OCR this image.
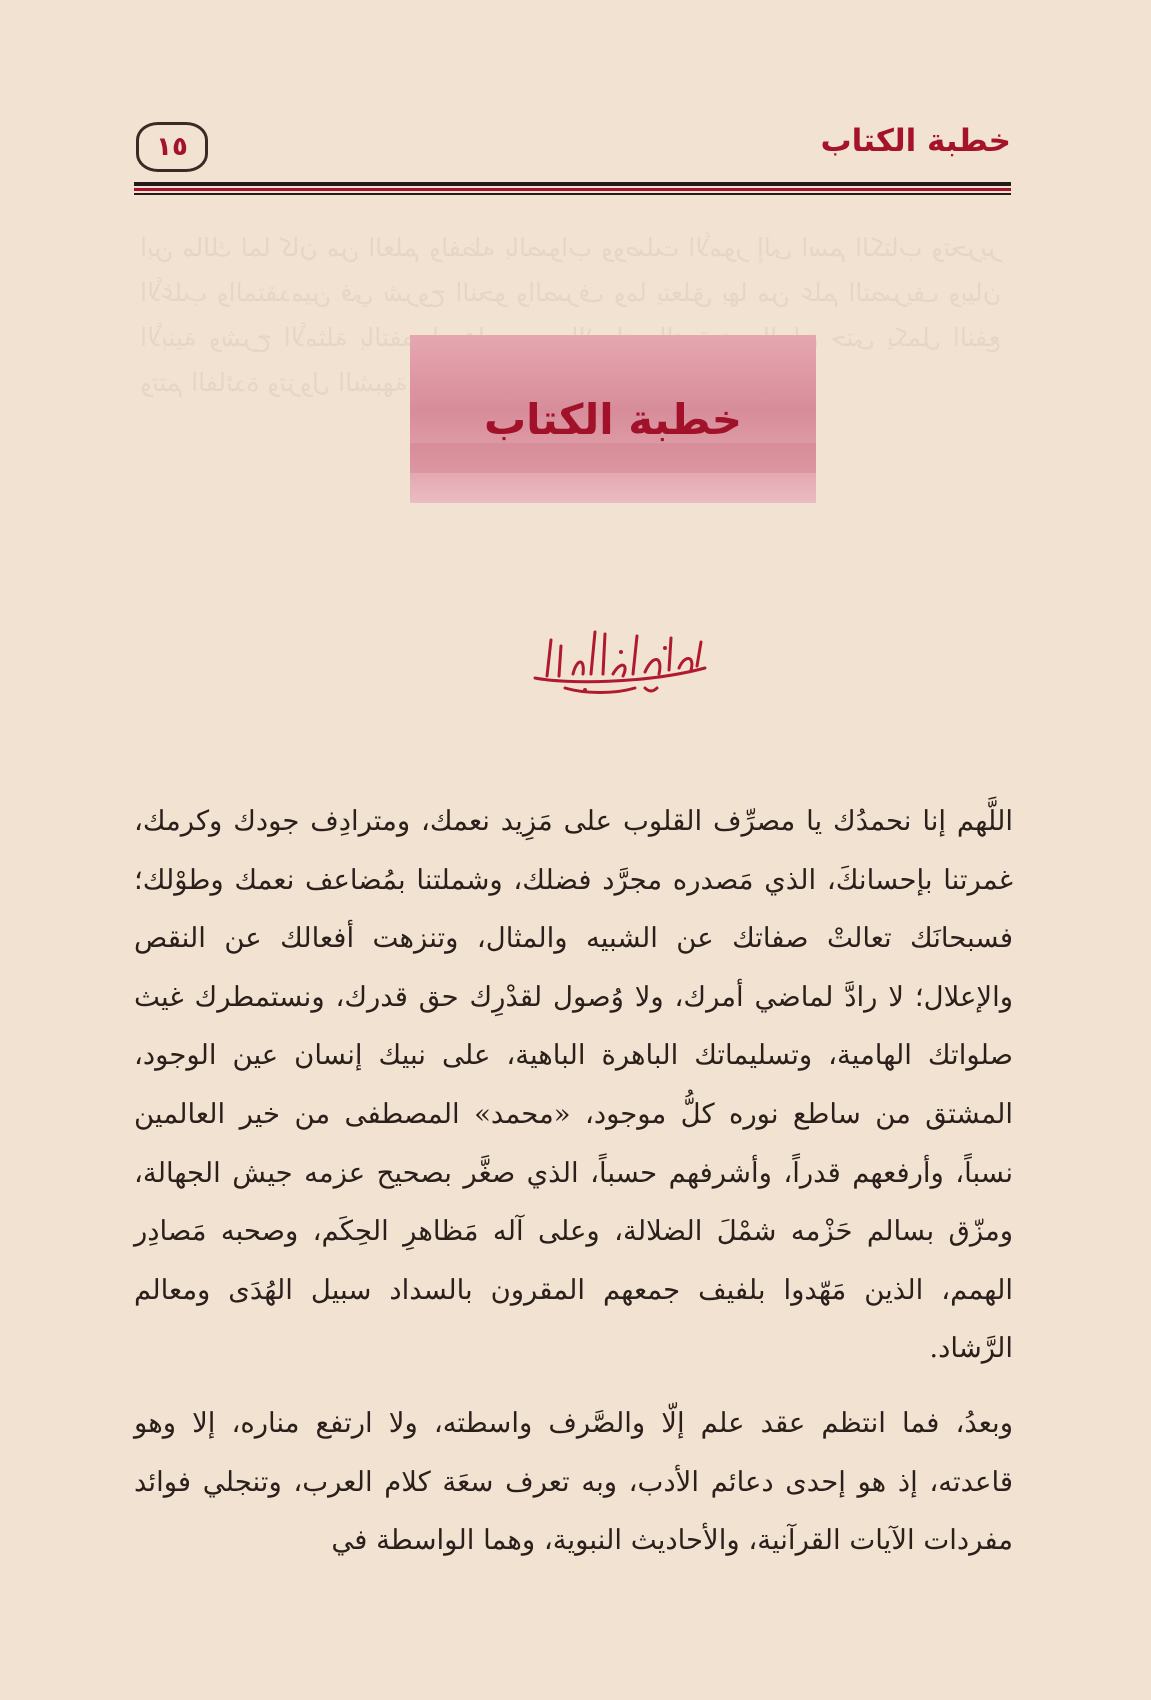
ابن مالك لما كان من العلم ولفظه بالصواب ووصلت الأمور إلى اسم الكتاب وتحرير الأغلب والمتقدمين في شروح النحو والصرف وما يتعلق بها من علم التصريف وبيان الأبنية وشرح الأمثلة بالتفصيل حتى يكمل النفع وتتم الفائدة وتزول الشبهة
خطبة الكتاب
١٥
خطبة الكتاب

اللَّهم إنا نحمدُك يا مصرِّف القلوب على مَزِيد نعمك، ومترادِف جودك وكرمك، غمرتنا بإحسانكَ، الذي مَصدره مجرَّد فضلك، وشملتنا بمُضاعف نعمك وطوْلك؛ فسبحانَك تعالتْ صفاتك عن الشبيه والمثال، وتنزهت أفعالك عن النقص والإعلال؛ لا رادَّ لماضي أمرك، ولا وُصول لقدْرِك حق قدرك، ونستمطرك غيث صلواتك الهامية، وتسليماتك الباهرة الباهية، على نبيك إنسان عين الوجود، المشتق من ساطع نوره كلُّ موجود، «محمد» المصطفى من خير العالمين نسباً، وأرفعهم قدراً، وأشرفهم حسباً، الذي صغَّر بصحيح عزمه جيش الجهالة، ومزّق بسالم حَزْمه شمْلَ الضلالة، وعلى آله مَظاهرِ الحِكَم، وصحبه مَصادِر الهمم، الذين مَهّدوا بلفيف جمعهم المقرون بالسداد سبيل الهُدَى ومعالم الرَّشاد.

وبعدُ، فما انتظم عقد علم إلّا والصَّرف واسطته، ولا ارتفع مناره، إلا وهو قاعدته، إذ هو إحدى دعائم الأدب، وبه تعرف سعَة كلام العرب، وتنجلي فوائد مفردات الآيات القرآنية، والأحاديث النبوية، وهما الواسطة في
